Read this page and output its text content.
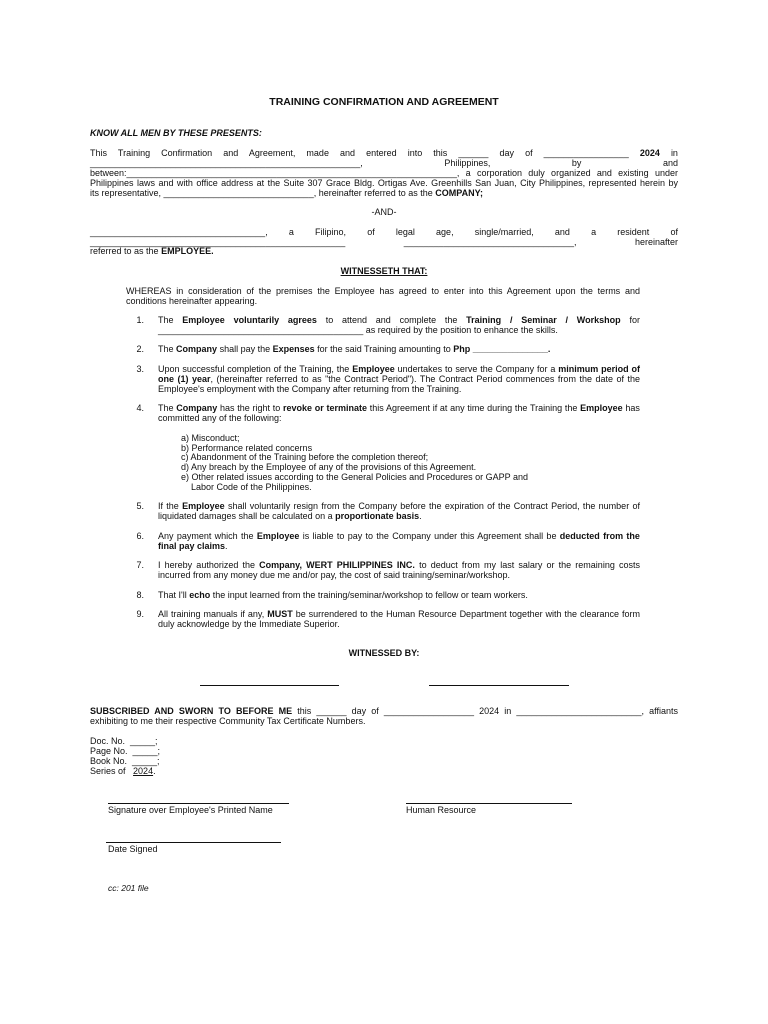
TRAINING CONFIRMATION AND AGREEMENT
KNOW ALL MEN BY THESE PRESENTS:
This Training Confirmation and Agreement, made and entered into this ______ day of _________________ 2024 in
______________________________________________________,	Philippines,	by	and
between:__________________________________________________________________, a corporation duly organized and existing under
Philippines laws and with office address at the Suite 307 Grace Bldg. Ortigas Ave. Greenhills San Juan, City Philippines, represented herein by
its representative, ______________________________, hereinafter referred to as the COMPANY;
-AND-
___________________________________, a Filipino, of legal age, single/married, and a resident of
___________________________________________________ __________________________________, hereinafter
referred to as the EMPLOYEE.
WITNESSETH THAT:
WHEREAS in consideration of the premises the Employee has agreed to enter into this Agreement upon the terms and conditions hereinafter appearing.
1. The Employee voluntarily agrees to attend and complete the Training / Seminar / Workshop for
_________________________________________ as required by the position to enhance the skills.
2. The Company shall pay the Expenses for the said Training amounting to Php _______________.
3. Upon successful completion of the Training, the Employee undertakes to serve the Company for a minimum period of one (1) year, (hereinafter referred to as "the Contract Period"). The Contract Period commences from the date of the Employee's employment with the Company after returning from the Training.
4. The Company has the right to revoke or terminate this Agreement if at any time during the Training the Employee has committed any of the following:
a) Misconduct;
b) Performance related concerns
c) Abandonment of the Training before the completion thereof;
d) Any breach by the Employee of any of the provisions of this Agreement.
e) Other related issues according to the General Policies and Procedures or GAPP and
Labor Code of the Philippines.
5. If the Employee shall voluntarily resign from the Company before the expiration of the Contract Period, the number of liquidated damages shall be calculated on a proportionate basis.
6. Any payment which the Employee is liable to pay to the Company under this Agreement shall be deducted from the final pay claims.
7. I hereby authorized the Company, WERT PHILIPPINES INC. to deduct from my last salary or the remaining costs incurred from any money due me and/or pay, the cost of said training/seminar/workshop.
8. That I'll echo the input learned from the training/seminar/workshop to fellow or team workers.
9. All training manuals if any, MUST be surrendered to the Human Resource Department together with the clearance form duly acknowledge by the Immediate Superior.
WITNESSED BY:
SUBSCRIBED AND SWORN TO BEFORE ME this ______ day of __________________ 2024 in _________________________, affiants
exhibiting to me their respective Community Tax Certificate Numbers.
Doc. No.  _____;
Page No.  _____;
Book No.  _____;
Series of 2024.
Signature over Employee's Printed Name	Human Resource
Date Signed
cc: 201 file
